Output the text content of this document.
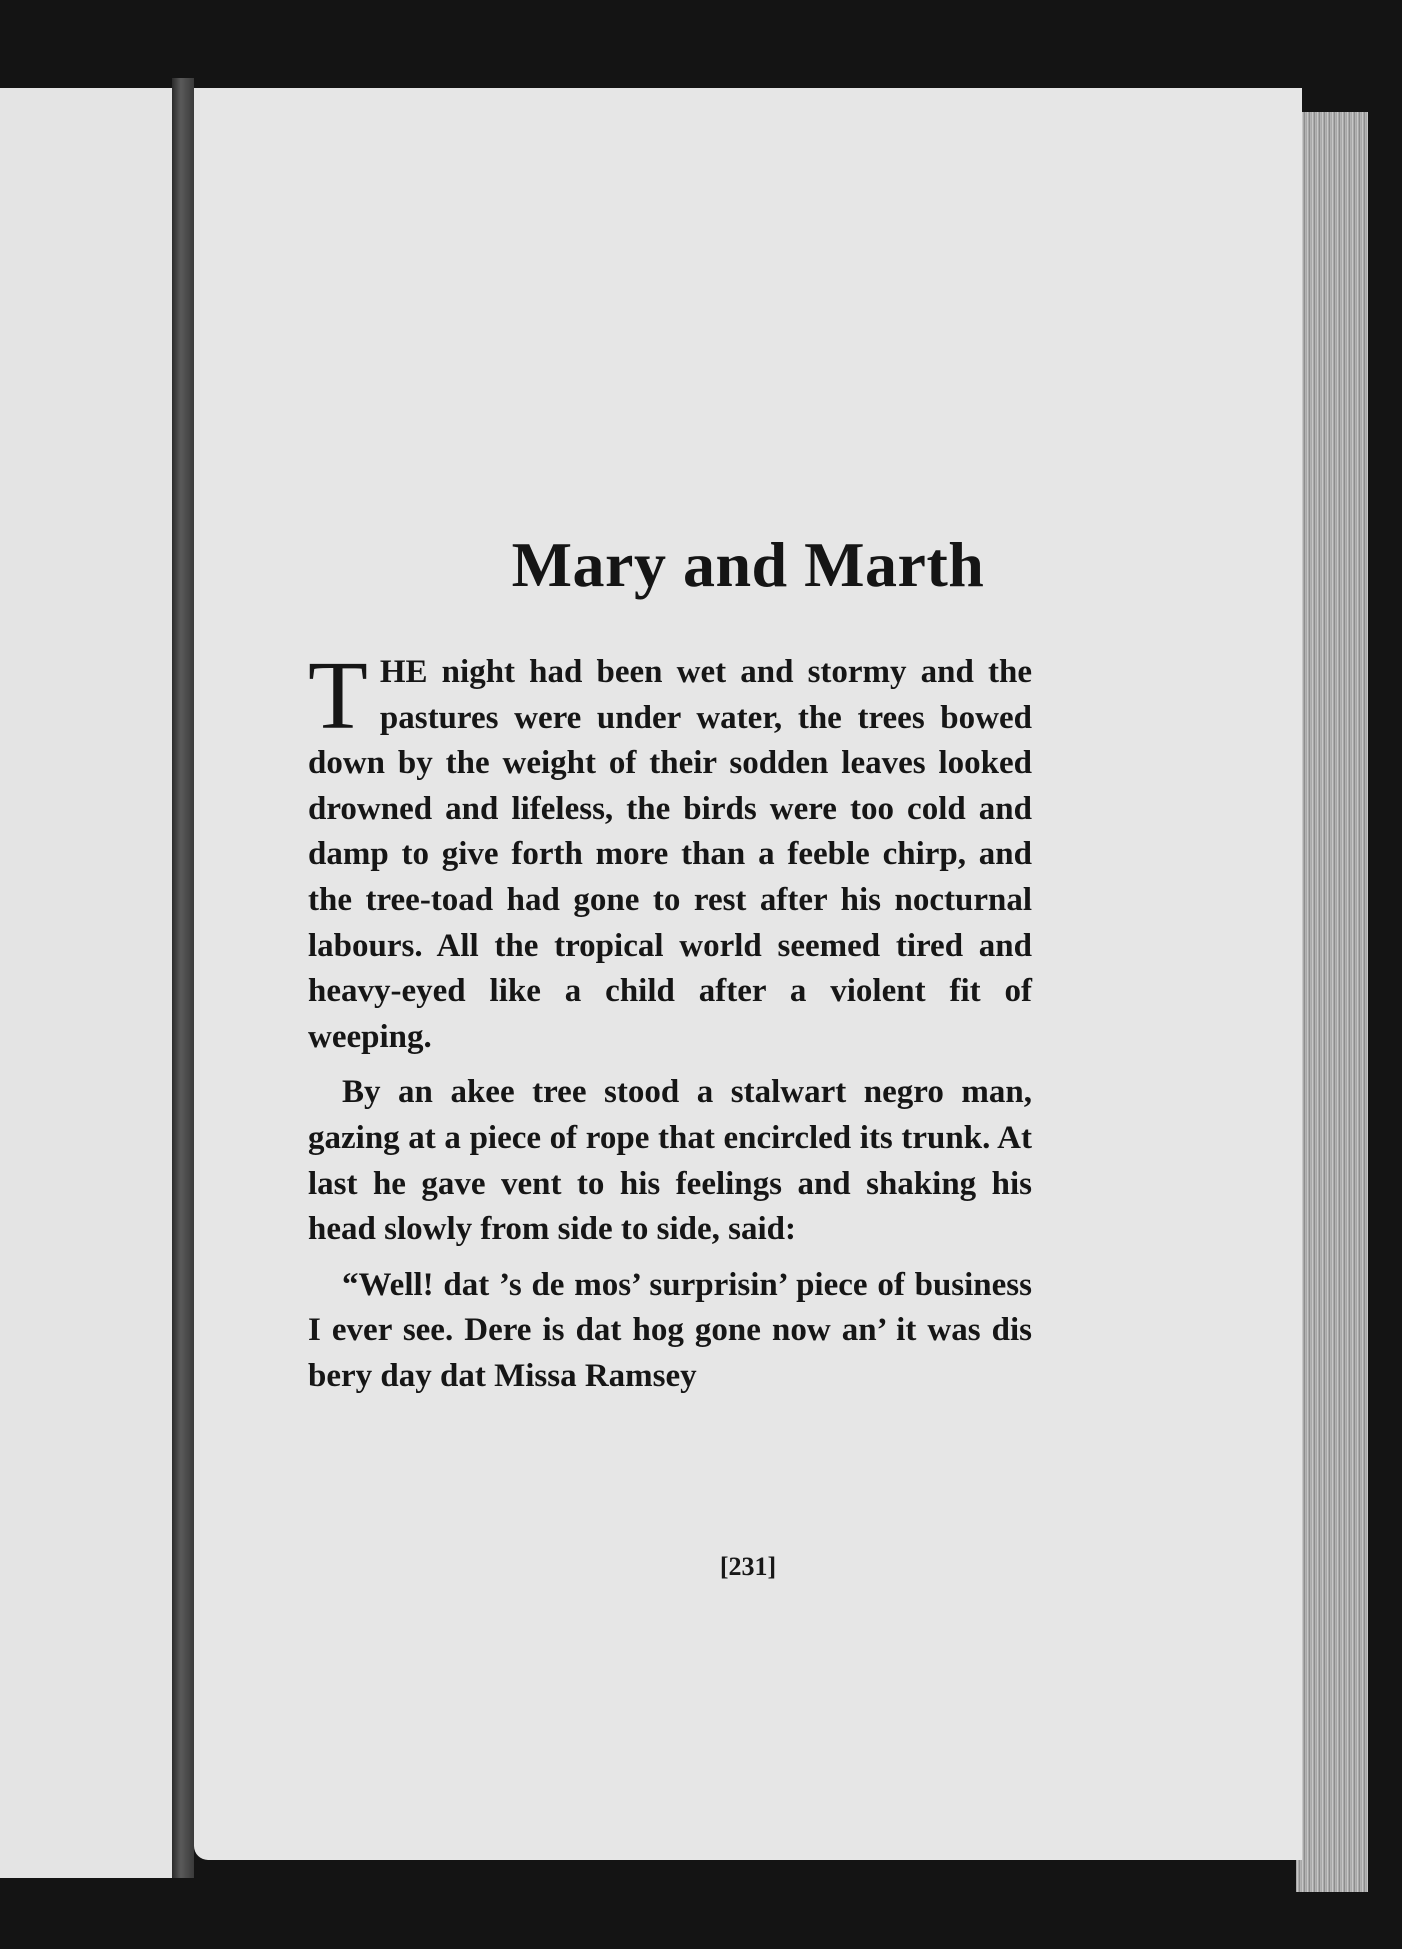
Mary and Marth

THE night had been wet and stormy and the pastures were under water, the trees bowed down by the weight of their sodden leaves looked drowned and lifeless, the birds were too cold and damp to give forth more than a feeble chirp, and the tree-toad had gone to rest after his nocturnal labours. All the tropical world seemed tired and heavy-eyed like a child after a violent fit of weeping.

By an akee tree stood a stalwart negro man, gazing at a piece of rope that encircled its trunk. At last he gave vent to his feelings and shaking his head slowly from side to side, said:

“Well! dat ’s de mos’ surprisin’ piece of business I ever see. Dere is dat hog gone now an’ it was dis bery day dat Missa Ramsey

[231]
